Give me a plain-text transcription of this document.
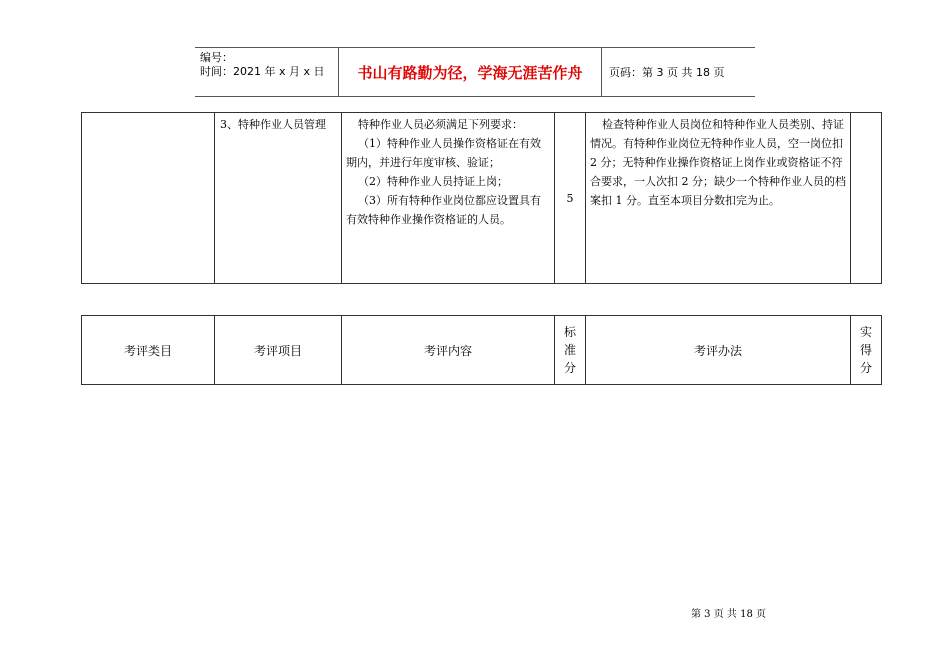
编号：
时间：2021 年 x 月 x 日	书山有路勤为径，学海无涯苦作舟	页码：第 3 页 共 18 页
	3、特种作业人员管理	特种作业人员必须满足下列要求：
（1）特种作业人员操作资格证在有效期内，并进行年度审核、验证；
（2）特种作业人员持证上岗；
（3）所有特种作业岗位都应设置具有有效特种作业操作资格证的人员。
	5	检查特种作业人员岗位和特种作业人员类别、持证情况。有特种作业岗位无特种作业人员，空一岗位扣 2 分；无特种作业操作资格证上岗作业或资格证不符合要求，一人次扣 2 分；缺少一个特种作业人员的档案扣 1 分。直至本项目分数扣完为止。	
考评类目	考评项目	考评内容	标准分	考评办法	实得分
第 3 页 共 18 页
